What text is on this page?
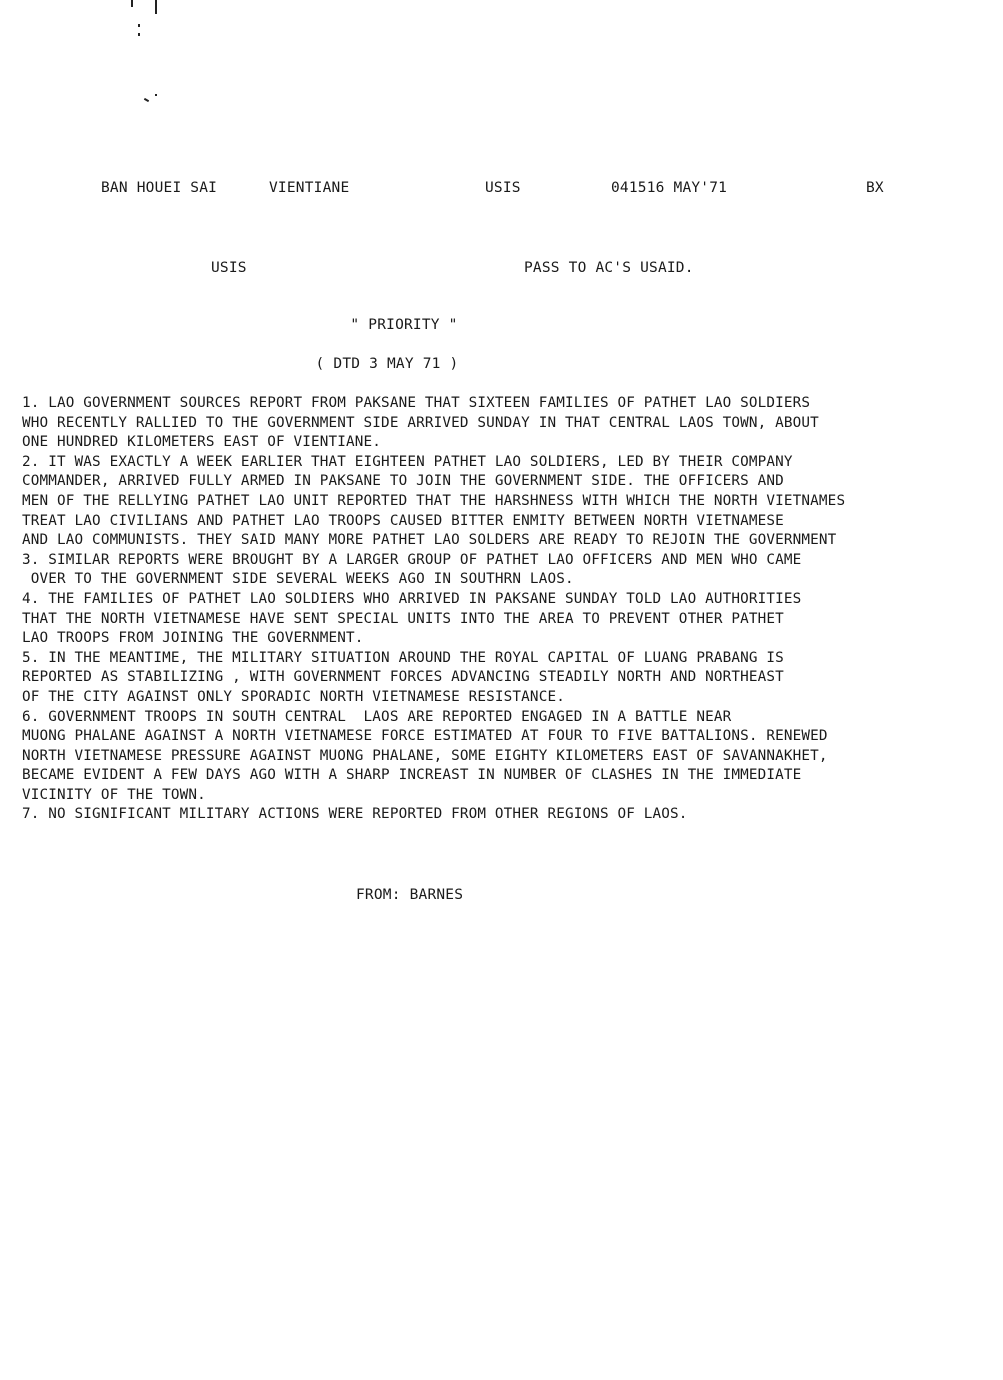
BAN HOUEI SAI	VIENTIANE	USIS	041516 MAY'71	BX
USIS	PASS TO AC'S USAID.
" PRIORITY "
( DTD 3 MAY 71 )
1. LAO GOVERNMENT SOURCES REPORT FROM PAKSANE THAT SIXTEEN FAMILIES OF PATHET LAO SOLDIERS
WHO RECENTLY RALLIED TO THE GOVERNMENT SIDE ARRIVED SUNDAY IN THAT CENTRAL LAOS TOWN, ABOUT
ONE HUNDRED KILOMETERS EAST OF VIENTIANE.
2. IT WAS EXACTLY A WEEK EARLIER THAT EIGHTEEN PATHET LAO SOLDIERS, LED BY THEIR COMPANY
COMMANDER, ARRIVED FULLY ARMED IN PAKSANE TO JOIN THE GOVERNMENT SIDE. THE OFFICERS AND
MEN OF THE RELLYING PATHET LAO UNIT REPORTED THAT THE HARSHNESS WITH WHICH THE NORTH VIETNAMES
TREAT LAO CIVILIANS AND PATHET LAO TROOPS CAUSED BITTER ENMITY BETWEEN NORTH VIETNAMESE
AND LAO COMMUNISTS. THEY SAID MANY MORE PATHET LAO SOLDERS ARE READY TO REJOIN THE GOVERNMENT
3. SIMILAR REPORTS WERE BROUGHT BY A LARGER GROUP OF PATHET LAO OFFICERS AND MEN WHO CAME
OVER TO THE GOVERNMENT SIDE SEVERAL WEEKS AGO IN SOUTHRN LAOS.
4. THE FAMILIES OF PATHET LAO SOLDIERS WHO ARRIVED IN PAKSANE SUNDAY TOLD LAO AUTHORITIES
THAT THE NORTH VIETNAMESE HAVE SENT SPECIAL UNITS INTO THE AREA TO PREVENT OTHER PATHET
LAO TROOPS FROM JOINING THE GOVERNMENT.
5. IN THE MEANTIME, THE MILITARY SITUATION AROUND THE ROYAL CAPITAL OF LUANG PRABANG IS
REPORTED AS STABILIZING , WITH GOVERNMENT FORCES ADVANCING STEADILY NORTH AND NORTHEAST
OF THE CITY AGAINST ONLY SPORADIC NORTH VIETNAMESE RESISTANCE.
6. GOVERNMENT TROOPS IN SOUTH CENTRAL  LAOS ARE REPORTED ENGAGED IN A BATTLE NEAR
MUONG PHALANE AGAINST A NORTH VIETNAMESE FORCE ESTIMATED AT FOUR TO FIVE BATTALIONS. RENEWED
NORTH VIETNAMESE PRESSURE AGAINST MUONG PHALANE, SOME EIGHTY KILOMETERS EAST OF SAVANNAKHET,
BECAME EVIDENT A FEW DAYS AGO WITH A SHARP INCREAST IN NUMBER OF CLASHES IN THE IMMEDIATE
VICINITY OF THE TOWN.
7. NO SIGNIFICANT MILITARY ACTIONS WERE REPORTED FROM OTHER REGIONS OF LAOS.
FROM: BARNES
